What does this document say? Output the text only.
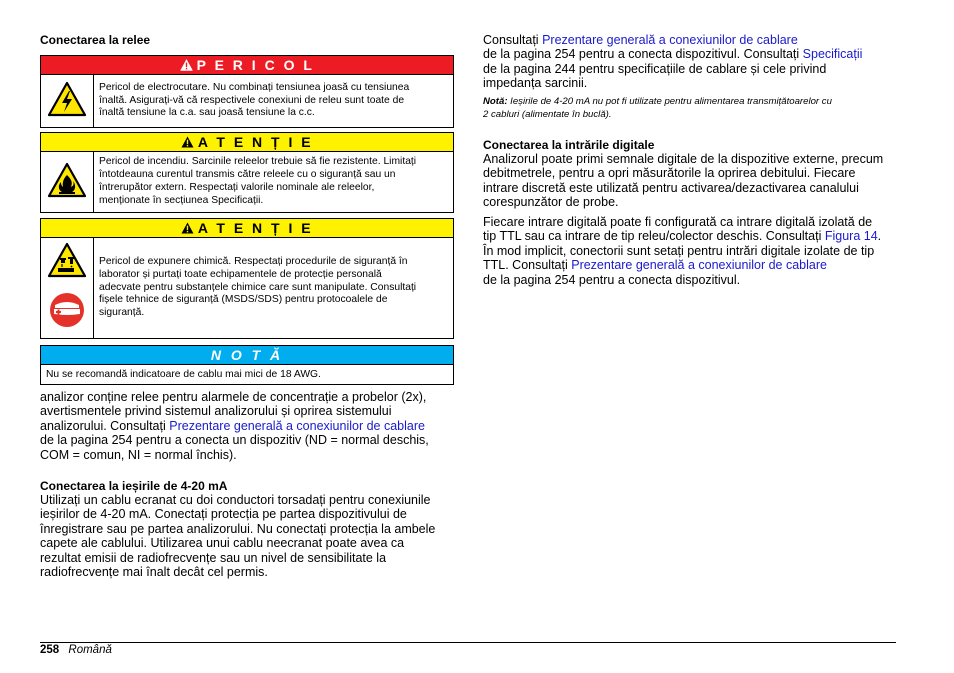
Conectarea la relee
P E R I C O L
Pericol de electrocutare. Nu combinați tensiunea joasă cu tensiunea
înaltă. Asigurați-vă că respectivele conexiuni de releu sunt toate de
înaltă tensiune la c.a. sau joasă tensiune la c.c.
A T E N Ț I E
Pericol de incendiu. Sarcinile releelor trebuie să fie rezistente. Limitați
întotdeauna curentul transmis către releele cu o siguranță sau un
întrerupător extern. Respectați valorile nominale ale releelor,
menționate în secțiunea Specificații.
A T E N Ț I E
Pericol de expunere chimică. Respectați procedurile de siguranță în
laborator și purtați toate echipamentele de protecție personală
adecvate pentru substanțele chimice care sunt manipulate. Consultați
fișele tehnice de siguranță (MSDS/SDS) pentru protocoalele de
siguranță.
N O T Ă
Nu se recomandă indicatoare de cablu mai mici de 18 AWG.

analizor conține relee pentru alarmele de concentrație a probelor (2x),
avertismentele privind sistemul analizorului și oprirea sistemului
analizorului. Consultați Prezentare generală a conexiunilor de cablare
de la pagina 254 pentru a conecta un dispozitiv (ND = normal deschis,
COM = comun, NI = normal închis).

Conectarea la ieșirile de 4-20 mA

Utilizați un cablu ecranat cu doi conductori torsadați pentru conexiunile
ieșirilor de 4-20 mA. Conectați protecția pe partea dispozitivului de
înregistrare sau pe partea analizorului. Nu conectați protecția la ambele
capete ale cablului. Utilizarea unui cablu neecranat poate avea ca
rezultat emisii de radiofrecvențe sau un nivel de sensibilitate la
radiofrecvențe mai înalt decât cel permis.

Consultați Prezentare generală a conexiunilor de cablare
de la pagina 254 pentru a conecta dispozitivul. Consultați Specificații
de la pagina 244 pentru specificațiile de cablare și cele privind
impedanța sarcinii.

Notă: Ieșirile de 4-20 mA nu pot fi utilizate pentru alimentarea transmițătoarelor cu
2 cabluri (alimentate în buclă).

Conectarea la intrările digitale

Analizorul poate primi semnale digitale de la dispozitive externe, precum
debitmetrele, pentru a opri măsurătorile la oprirea debitului. Fiecare
intrare discretă este utilizată pentru activarea/dezactivarea canalului
corespunzător de probe.

Fiecare intrare digitală poate fi configurată ca intrare digitală izolată de
tip TTL sau ca intrare de tip releu/colector deschis. Consultați Figura 14.
În mod implicit, conectorii sunt setați pentru intrări digitale izolate de tip
TTL. Consultați Prezentare generală a conexiunilor de cablare
de la pagina 254 pentru a conecta dispozitivul.

258 Română
